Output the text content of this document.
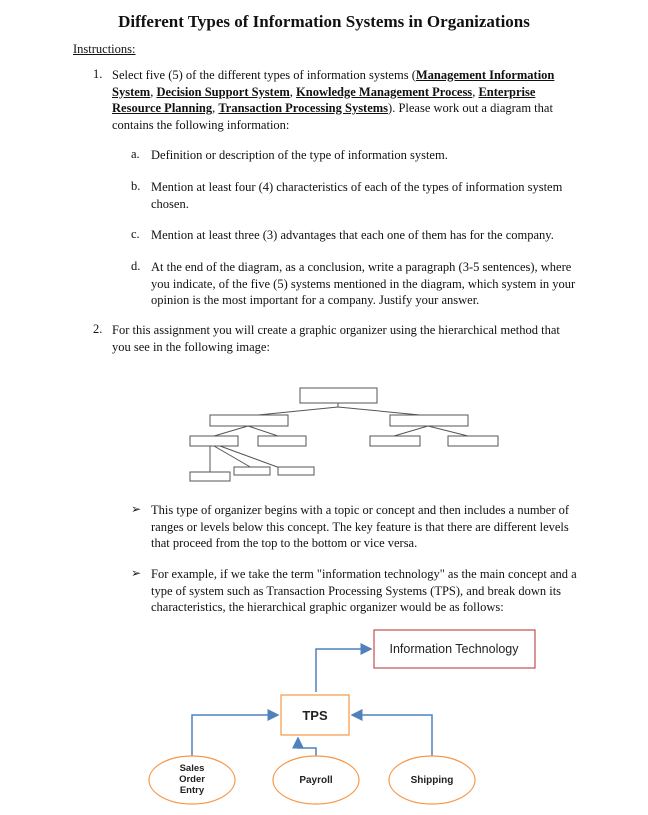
Different Types of Information Systems in Organizations
Instructions:
1. Select five (5) of the different types of information systems (Management Information System, Decision Support System, Knowledge Management Process, Enterprise Resource Planning, Transaction Processing Systems). Please work out a diagram that contains the following information:
a. Definition or description of the type of information system.
b. Mention at least four (4) characteristics of each of the types of information system chosen.
c. Mention at least three (3) advantages that each one of them has for the company.
d. At the end of the diagram, as a conclusion, write a paragraph (3-5 sentences), where you indicate, of the five (5) systems mentioned in the diagram, which system in your opinion is the most important for a company. Justify your answer.
2. For this assignment you will create a graphic organizer using the hierarchical method that you see in the following image:
➢ This type of organizer begins with a topic or concept and then includes a number of ranges or levels below this concept. The key feature is that there are different levels that proceed from the top to the bottom or vice versa.
➢ For example, if we take the term "information technology" as the main concept and a type of system such as Transaction Processing Systems (TPS), and break down its characteristics, the hierarchical graphic organizer would be as follows:
Information Technology
TPS
Sales
Order
Entry
Payroll	Shipping
